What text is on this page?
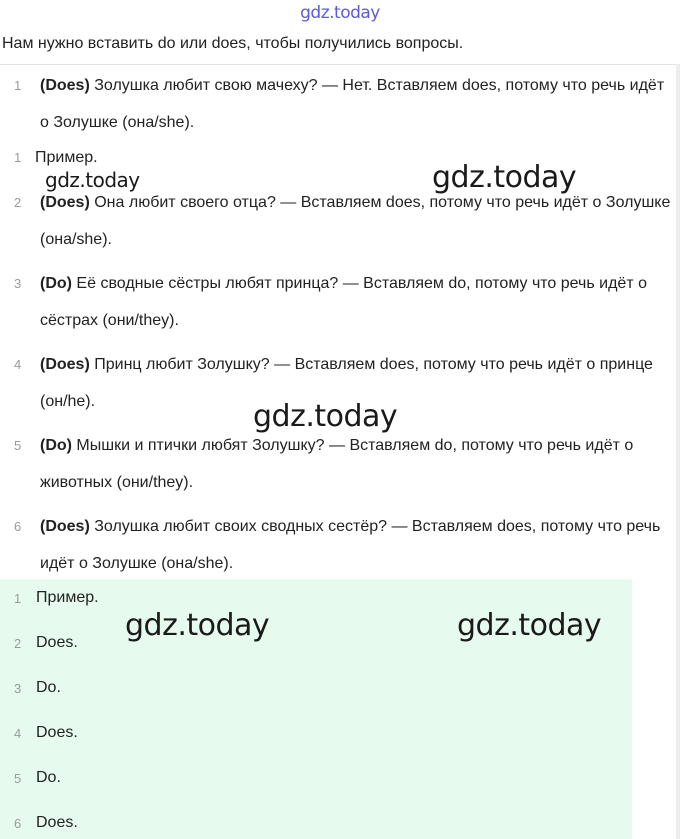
gdz.today
Нам нужно вставить do или does, чтобы получились вопросы.
1	(Does) Золушка любит свою мачеху? — Нет. Вставляем does, потому что речь идёт о Золушке (она/she).
1 Пример.
2	(Does) Она любит своего отца? — Вставляем does, потому что речь идёт о Золушке (она/she).
3	(Do) Её сводные сёстры любят принца? — Вставляем do, потому что речь идёт о сёстрах (они/they).
4	(Does) Принц любит Золушку? — Вставляем does, потому что речь идёт о принце (он/he).
5	(Do) Мышки и птички любят Золушку? — Вставляем do, потому что речь идёт о животных (они/they).
6	(Does) Золушка любит своих сводных сестёр? — Вставляем does, потому что речь идёт о Золушке (она/she).
1 Пример.
2 Does.
3 Do.
4 Does.
5 Do.
6 Does.
gdz.today	gdz.today
gdz.today
gdz.today	gdz.today
